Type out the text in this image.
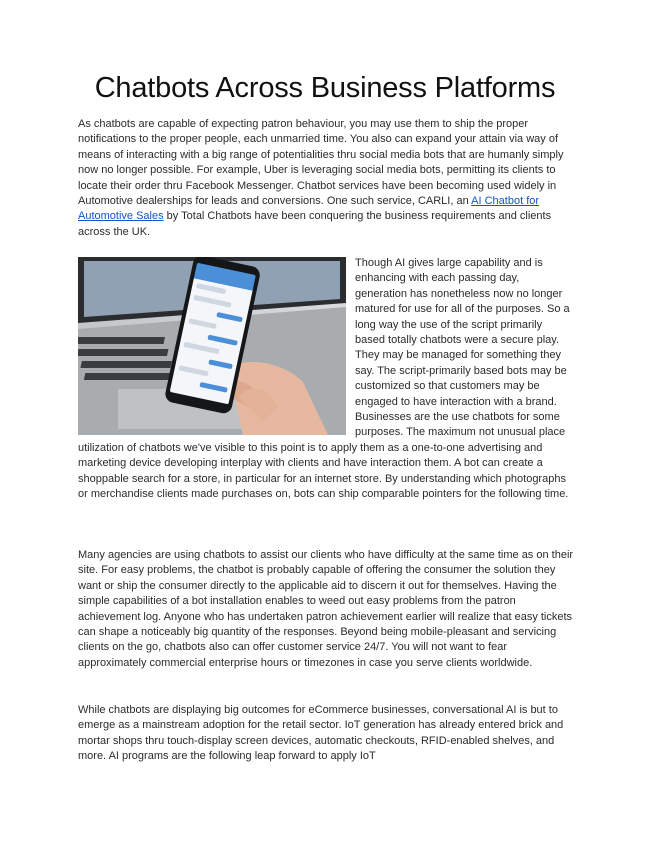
Chatbots Across Business Platforms

As chatbots are capable of expecting patron behaviour, you may use them to ship the proper notifications to the proper people, each unmarried time. You also can expand your attain via way of means of interacting with a big range of potentialities thru social media bots that are humanly simply now no longer possible. For example, Uber is leveraging social media bots, permitting its clients to locate their order thru Facebook Messenger. Chatbot services have been becoming used widely in Automotive dealerships for leads and conversions. One such service, CARLI, an AI Chatbot for Automotive Sales by Total Chatbots have been conquering the business requirements and clients across the UK.

Though AI gives large capability and is enhancing with each passing day, generation has nonetheless now no longer matured for use for all of the purposes. So a long way the use of the script primarily based totally chatbots were a secure play. They may be managed for something they say. The script-primarily based bots may be customized so that customers may be engaged to have interaction with a brand. Businesses are the use chatbots for some purposes. The maximum not unusual place utilization of chatbots we've visible to this point is to apply them as a one-to-one advertising and marketing device developing interplay with clients and have interaction them. A bot can create a shoppable search for a store, in particular for an internet store. By understanding which photographs or merchandise clients made purchases on, bots can ship comparable pointers for the following time.

Many agencies are using chatbots to assist our clients who have difficulty at the same time as on their site. For easy problems, the chatbot is probably capable of offering the consumer the solution they want or ship the consumer directly to the applicable aid to discern it out for themselves. Having the simple capabilities of a bot installation enables to weed out easy problems from the patron achievement log. Anyone who has undertaken patron achievement earlier will realize that easy tickets can shape a noticeably big quantity of the responses. Beyond being mobile-pleasant and servicing clients on the go, chatbots also can offer customer service 24/7. You will not want to fear approximately commercial enterprise hours or timezones in case you serve clients worldwide.

While chatbots are displaying big outcomes for eCommerce businesses, conversational AI is but to emerge as a mainstream adoption for the retail sector. IoT generation has already entered brick and mortar shops thru touch-display screen devices, automatic checkouts, RFID-enabled shelves, and more. AI programs are the following leap forward to apply IoT
